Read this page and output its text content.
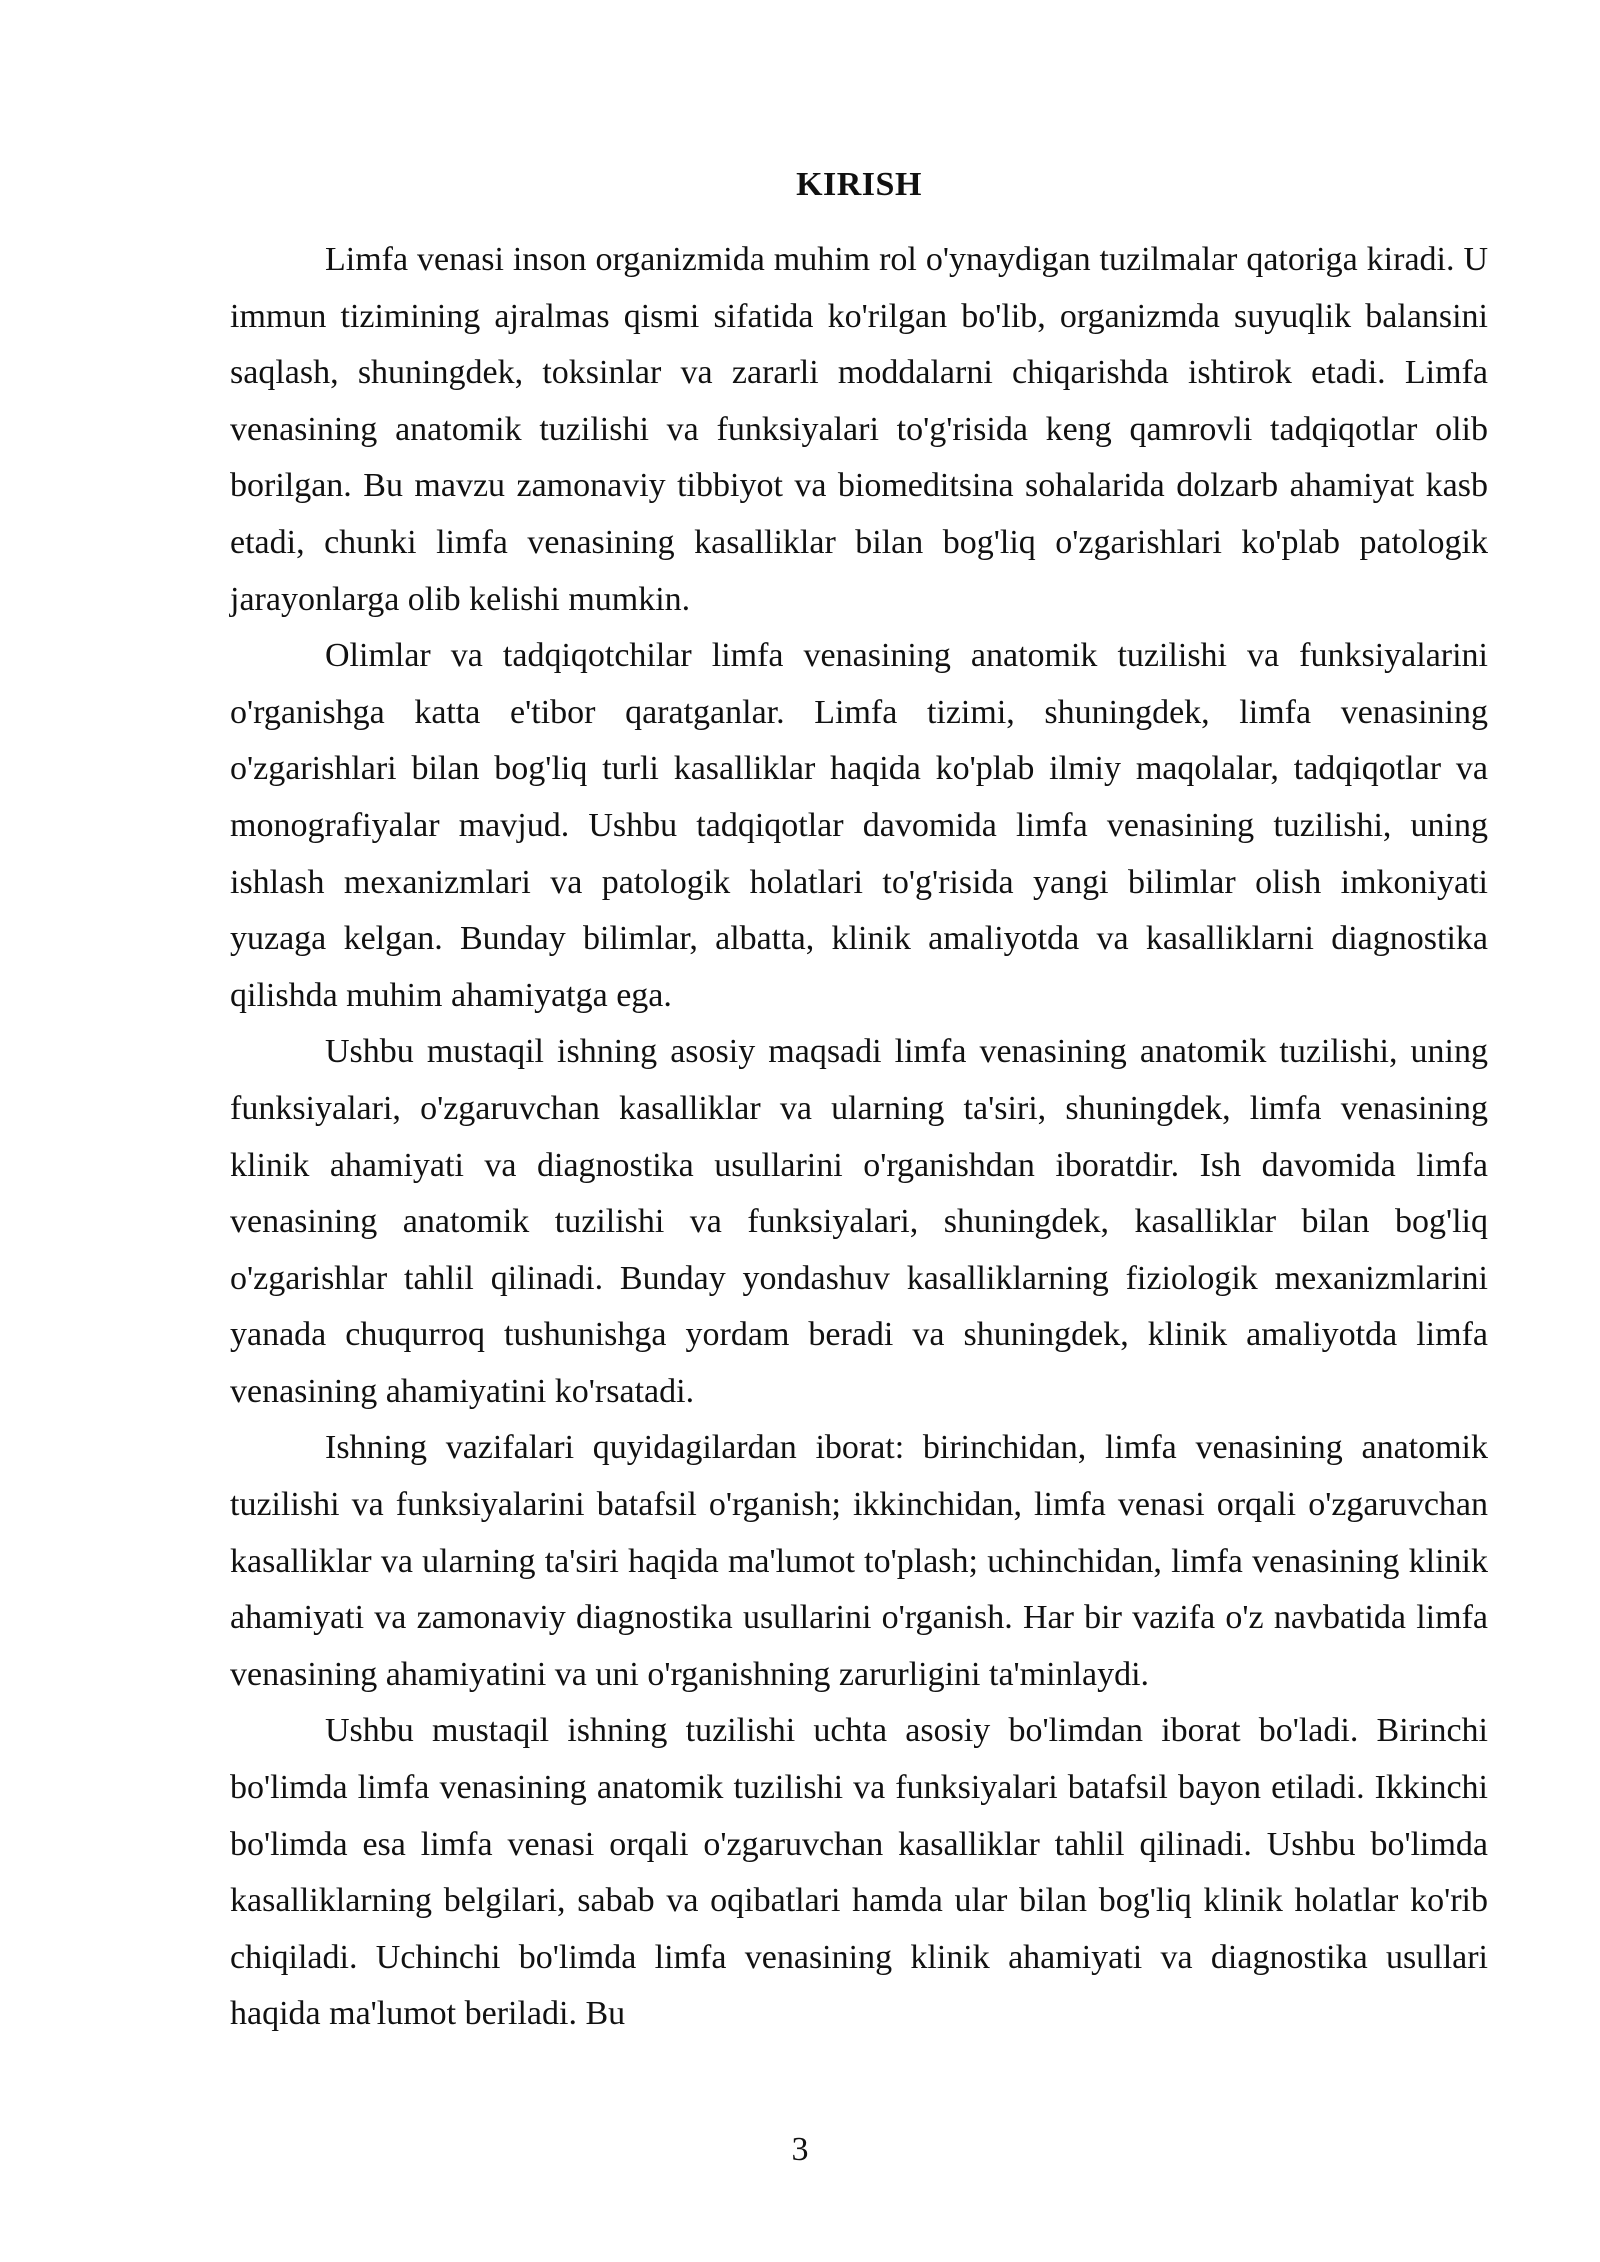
KIRISH

Limfa venasi inson organizmida muhim rol o'ynaydigan tuzilmalar qatoriga kiradi. U immun tizimining ajralmas qismi sifatida ko'rilgan bo'lib, organizmda suyuqlik balansini saqlash, shuningdek, toksinlar va zararli moddalarni chiqarishda ishtirok etadi. Limfa venasining anatomik tuzilishi va funksiyalari to'g'risida keng qamrovli tadqiqotlar olib borilgan. Bu mavzu zamonaviy tibbiyot va biomeditsina sohalarida dolzarb ahamiyat kasb etadi, chunki limfa venasining kasalliklar bilan bog'liq o'zgarishlari ko'plab patologik jarayonlarga olib kelishi mumkin.

Olimlar va tadqiqotchilar limfa venasining anatomik tuzilishi va funksiyalarini o'rganishga katta e'tibor qaratganlar. Limfa tizimi, shuningdek, limfa venasining o'zgarishlari bilan bog'liq turli kasalliklar haqida ko'plab ilmiy maqolalar, tadqiqotlar va monografiyalar mavjud. Ushbu tadqiqotlar davomida limfa venasining tuzilishi, uning ishlash mexanizmlari va patologik holatlari to'g'risida yangi bilimlar olish imkoniyati yuzaga kelgan. Bunday bilimlar, albatta, klinik amaliyotda va kasalliklarni diagnostika qilishda muhim ahamiyatga ega.

Ushbu mustaqil ishning asosiy maqsadi limfa venasining anatomik tuzilishi, uning funksiyalari, o'zgaruvchan kasalliklar va ularning ta'siri, shuningdek, limfa venasining klinik ahamiyati va diagnostika usullarini o'rganishdan iboratdir. Ish davomida limfa venasining anatomik tuzilishi va funksiyalari, shuningdek, kasalliklar bilan bog'liq o'zgarishlar tahlil qilinadi. Bunday yondashuv kasalliklarning fiziologik mexanizmlarini yanada chuqurroq tushunishga yordam beradi va shuningdek, klinik amaliyotda limfa venasining ahamiyatini ko'rsatadi.

Ishning vazifalari quyidagilardan iborat: birinchidan, limfa venasining anatomik tuzilishi va funksiyalarini batafsil o'rganish; ikkinchidan, limfa venasi orqali o'zgaruvchan kasalliklar va ularning ta'siri haqida ma'lumot to'plash; uchinchidan, limfa venasining klinik ahamiyati va zamonaviy diagnostika usullarini o'rganish. Har bir vazifa o'z navbatida limfa venasining ahamiyatini va uni o'rganishning zarurligini ta'minlaydi.

Ushbu mustaqil ishning tuzilishi uchta asosiy bo'limdan iborat bo'ladi. Birinchi bo'limda limfa venasining anatomik tuzilishi va funksiyalari batafsil bayon etiladi. Ikkinchi bo'limda esa limfa venasi orqali o'zgaruvchan kasalliklar tahlil qilinadi. Ushbu bo'limda kasalliklarning belgilari, sabab va oqibatlari hamda ular bilan bog'liq klinik holatlar ko'rib chiqiladi. Uchinchi bo'limda limfa venasining klinik ahamiyati va diagnostika usullari haqida ma'lumot beriladi. Bu

3
